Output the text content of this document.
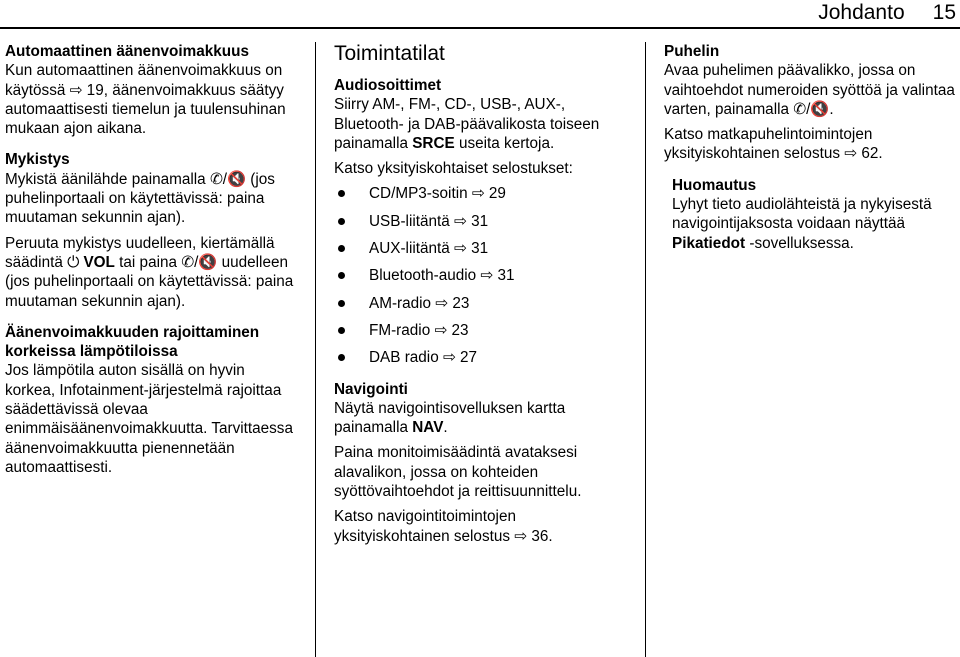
Johdanto 15

Automaattinen äänenvoimakkuus

Kun automaattinen äänenvoimakkuus on käytössä ⇨ 19, äänenvoimakkuus säätyy automaattisesti tiemelun ja tuulensuhinan mukaan ajon aikana.

Mykistys

Mykistä äänilähde painamalla ✆/🔇 (jos puhelinportaali on käytettävissä: paina muutaman sekunnin ajan).

Peruuta mykistys uudelleen, kiertämällä säädintä ⏻ VOL tai paina ✆/🔇 uudelleen (jos puhelinportaali on käytettävissä: paina muutaman sekunnin ajan).

Äänenvoimakkuuden rajoittaminen korkeissa lämpötiloissa

Jos lämpötila auton sisällä on hyvin korkea, Infotainment-järjestelmä rajoittaa säädettävissä olevaa enimmäisäänenvoimakkuutta. Tarvittaessa äänenvoimakkuutta pienennetään automaattisesti.

Toimintatilat

Audiosoittimet

Siirry AM-, FM-, CD-, USB-, AUX-, Bluetooth- ja DAB-päävalikosta toiseen painamalla SRCE useita kertoja.

Katso yksityiskohtaiset selostukset:

CD/MP3-soitin ⇨ 29
USB-liitäntä ⇨ 31
AUX-liitäntä ⇨ 31
Bluetooth-audio ⇨ 31
AM-radio ⇨ 23
FM-radio ⇨ 23
DAB radio ⇨ 27

Navigointi

Näytä navigointisovelluksen kartta painamalla NAV.

Paina monitoimisäädintä avataksesi alavalikon, jossa on kohteiden syöttövaihtoehdot ja reittisuunnittelu.

Katso navigointitoimintojen yksityiskohtainen selostus ⇨ 36.

Puhelin

Avaa puhelimen päävalikko, jossa on vaihtoehdot numeroiden syöttöä ja valintaa varten, painamalla ✆/🔇.

Katso matkapuhelintoimintojen yksityiskohtainen selostus ⇨ 62.

Huomautus

Lyhyt tieto audiolähteistä ja nykyisestä navigointijaksosta voidaan näyttää Pikatiedot -sovelluksessa.
